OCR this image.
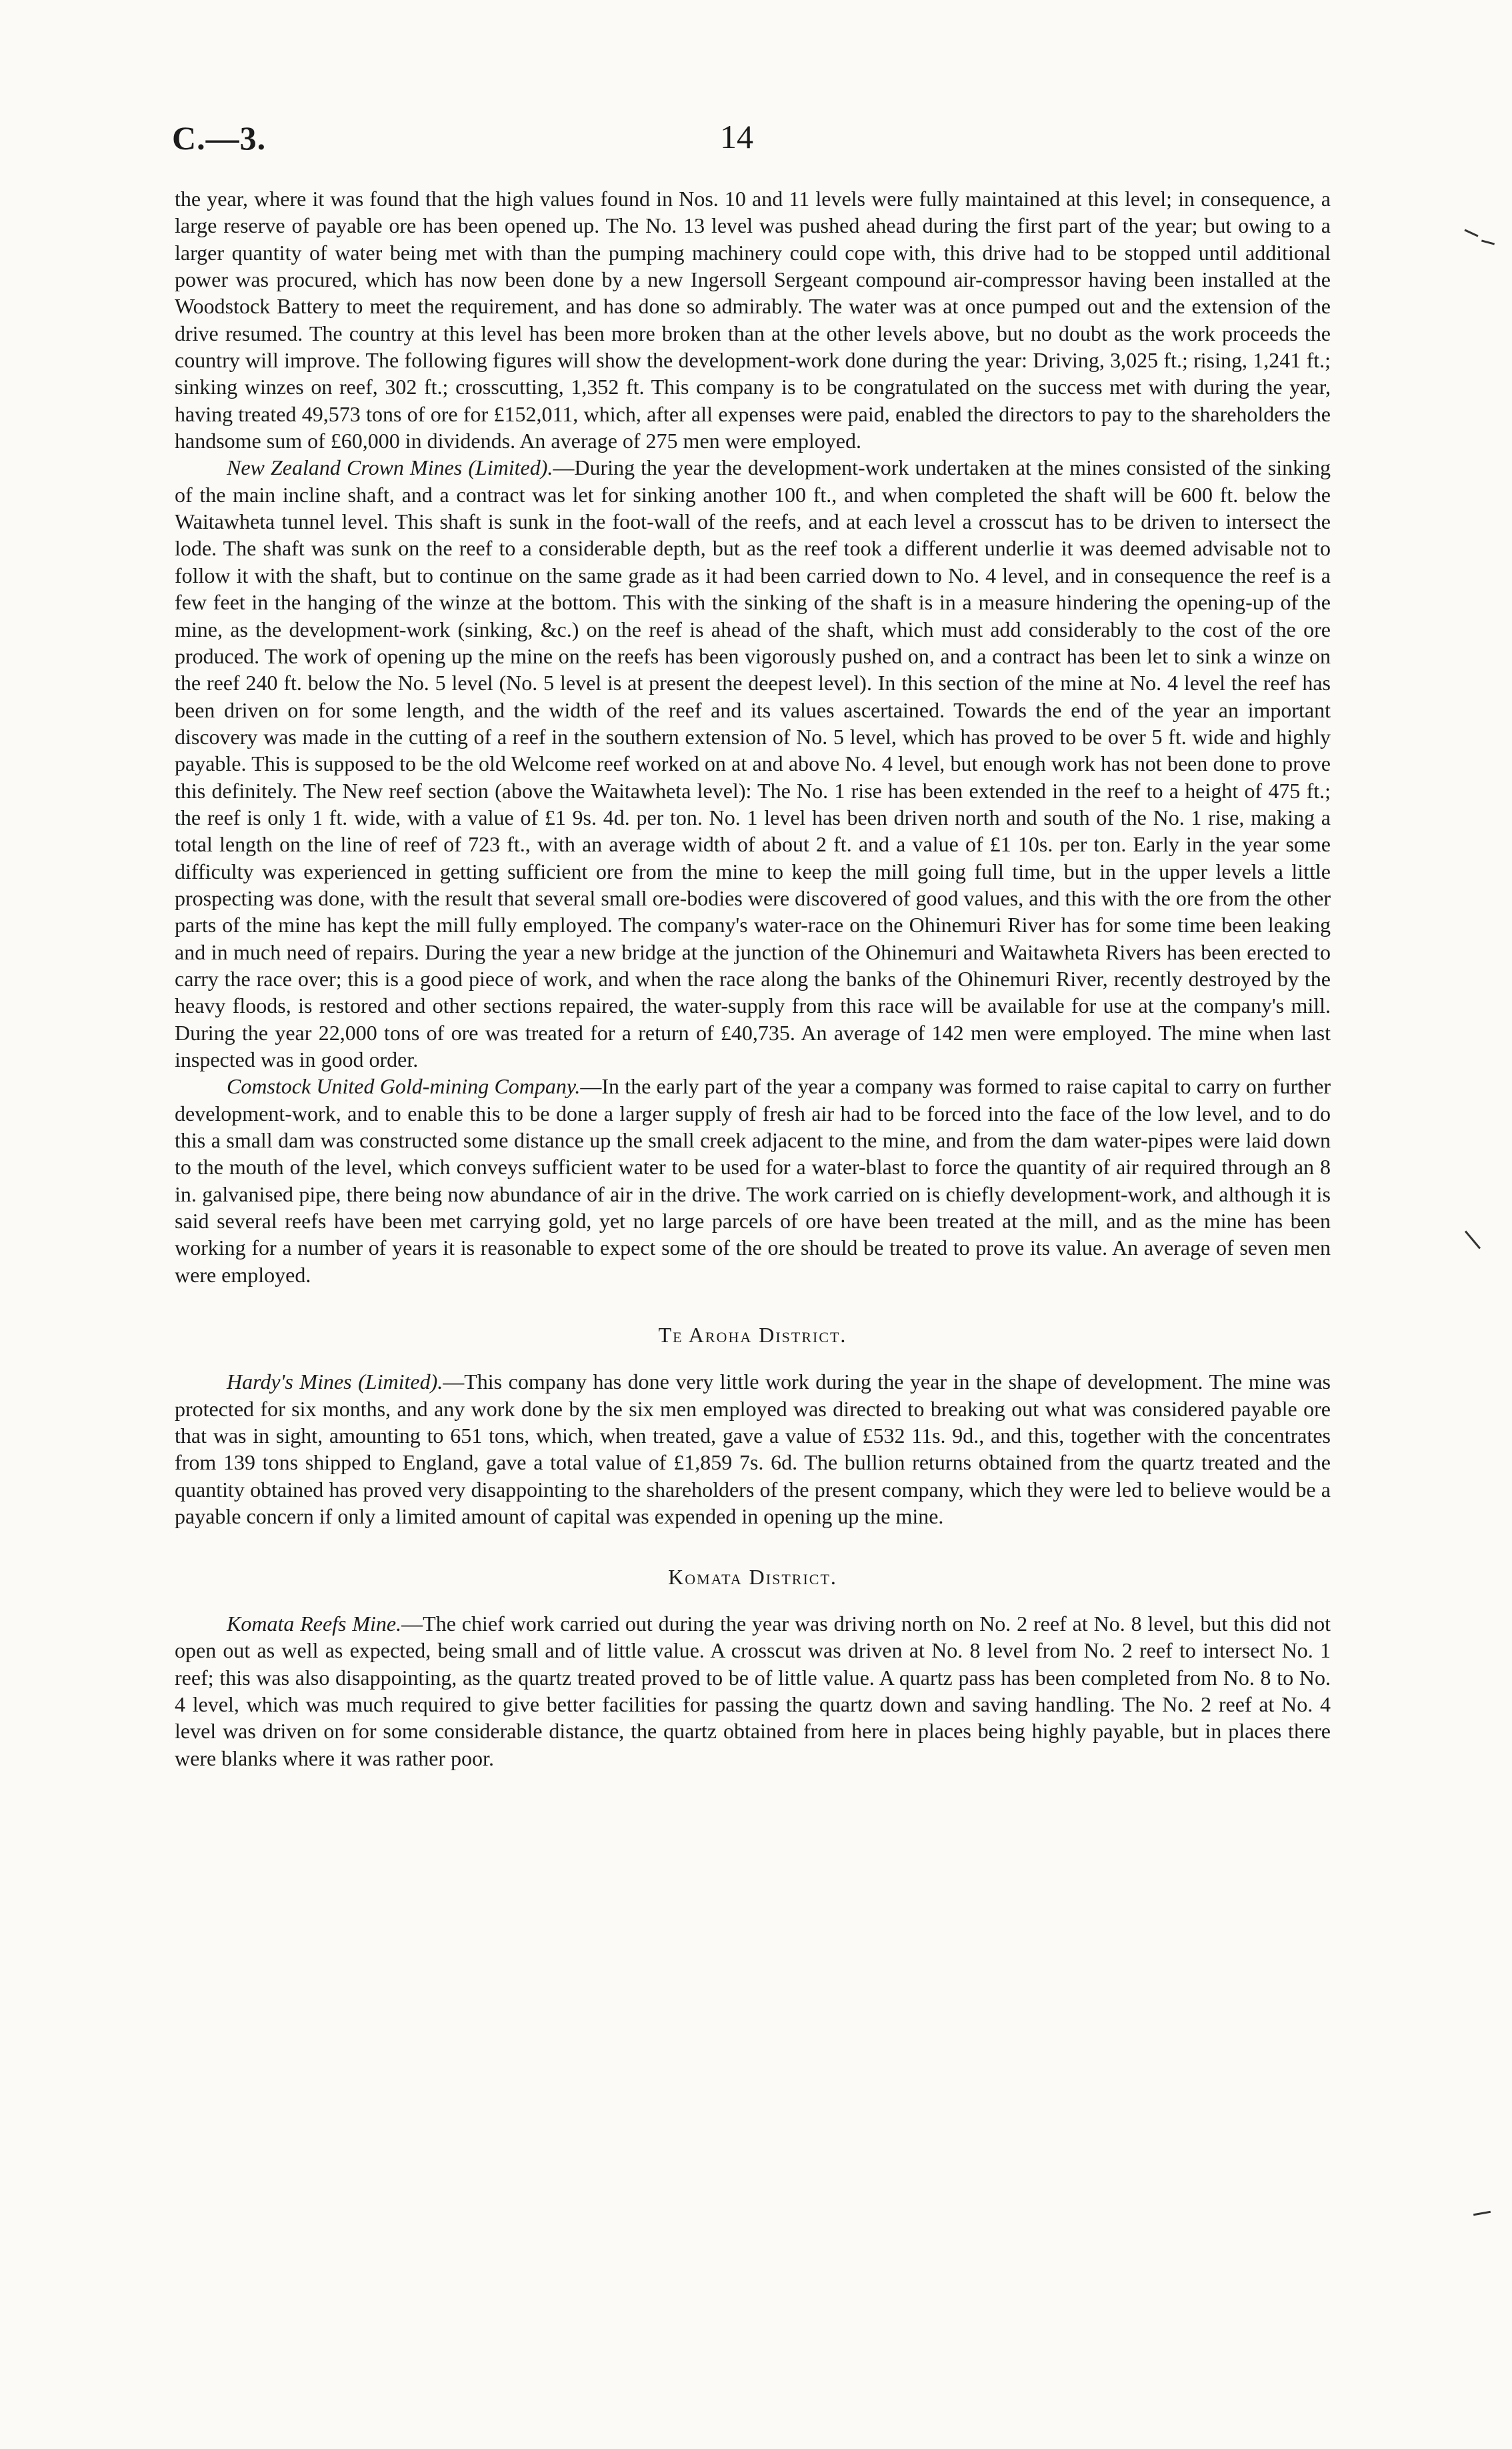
C.—3.	14

the year, where it was found that the high values found in Nos. 10 and 11 levels were fully maintained at this level; in consequence, a large reserve of payable ore has been opened up. The No. 13 level was pushed ahead during the first part of the year; but owing to a larger quantity of water being met with than the pumping machinery could cope with, this drive had to be stopped until additional power was procured, which has now been done by a new Ingersoll Sergeant compound air-compressor having been installed at the Woodstock Battery to meet the requirement, and has done so admirably. The water was at once pumped out and the extension of the drive resumed. The country at this level has been more broken than at the other levels above, but no doubt as the work proceeds the country will improve. The following figures will show the development-work done during the year: Driving, 3,025 ft.; rising, 1,241 ft.; sinking winzes on reef, 302 ft.; crosscutting, 1,352 ft. This company is to be congratulated on the success met with during the year, having treated 49,573 tons of ore for £152,011, which, after all expenses were paid, enabled the directors to pay to the shareholders the handsome sum of £60,000 in dividends. An average of 275 men were employed.

New Zealand Crown Mines (Limited).—During the year the development-work undertaken at the mines consisted of the sinking of the main incline shaft, and a contract was let for sinking another 100 ft., and when completed the shaft will be 600 ft. below the Waitawheta tunnel level. This shaft is sunk in the foot-wall of the reefs, and at each level a crosscut has to be driven to intersect the lode. The shaft was sunk on the reef to a considerable depth, but as the reef took a different underlie it was deemed advisable not to follow it with the shaft, but to continue on the same grade as it had been carried down to No. 4 level, and in consequence the reef is a few feet in the hanging of the winze at the bottom. This with the sinking of the shaft is in a measure hindering the opening-up of the mine, as the development-work (sinking, &c.) on the reef is ahead of the shaft, which must add considerably to the cost of the ore produced. The work of opening up the mine on the reefs has been vigorously pushed on, and a contract has been let to sink a winze on the reef 240 ft. below the No. 5 level (No. 5 level is at present the deepest level). In this section of the mine at No. 4 level the reef has been driven on for some length, and the width of the reef and its values ascertained. Towards the end of the year an important discovery was made in the cutting of a reef in the southern extension of No. 5 level, which has proved to be over 5 ft. wide and highly payable. This is supposed to be the old Welcome reef worked on at and above No. 4 level, but enough work has not been done to prove this definitely. The New reef section (above the Waitawheta level): The No. 1 rise has been extended in the reef to a height of 475 ft.; the reef is only 1 ft. wide, with a value of £1 9s. 4d. per ton. No. 1 level has been driven north and south of the No. 1 rise, making a total length on the line of reef of 723 ft., with an average width of about 2 ft. and a value of £1 10s. per ton. Early in the year some difficulty was experienced in getting sufficient ore from the mine to keep the mill going full time, but in the upper levels a little prospecting was done, with the result that several small ore-bodies were discovered of good values, and this with the ore from the other parts of the mine has kept the mill fully employed. The company's water-race on the Ohinemuri River has for some time been leaking and in much need of repairs. During the year a new bridge at the junction of the Ohinemuri and Waitawheta Rivers has been erected to carry the race over; this is a good piece of work, and when the race along the banks of the Ohinemuri River, recently destroyed by the heavy floods, is restored and other sections repaired, the water-supply from this race will be available for use at the company's mill. During the year 22,000 tons of ore was treated for a return of £40,735. An average of 142 men were employed. The mine when last inspected was in good order.

Comstock United Gold-mining Company.—In the early part of the year a company was formed to raise capital to carry on further development-work, and to enable this to be done a larger supply of fresh air had to be forced into the face of the low level, and to do this a small dam was constructed some distance up the small creek adjacent to the mine, and from the dam water-pipes were laid down to the mouth of the level, which conveys sufficient water to be used for a water-blast to force the quantity of air required through an 8 in. galvanised pipe, there being now abundance of air in the drive. The work carried on is chiefly development-work, and although it is said several reefs have been met carrying gold, yet no large parcels of ore have been treated at the mill, and as the mine has been working for a number of years it is reasonable to expect some of the ore should be treated to prove its value. An average of seven men were employed.

Te Aroha District.

Hardy's Mines (Limited).—This company has done very little work during the year in the shape of development. The mine was protected for six months, and any work done by the six men employed was directed to breaking out what was considered payable ore that was in sight, amounting to 651 tons, which, when treated, gave a value of £532 11s. 9d., and this, together with the concentrates from 139 tons shipped to England, gave a total value of £1,859 7s. 6d. The bullion returns obtained from the quartz treated and the quantity obtained has proved very disappointing to the shareholders of the present company, which they were led to believe would be a payable concern if only a limited amount of capital was expended in opening up the mine.

Komata District.

Komata Reefs Mine.—The chief work carried out during the year was driving north on No. 2 reef at No. 8 level, but this did not open out as well as expected, being small and of little value. A crosscut was driven at No. 8 level from No. 2 reef to intersect No. 1 reef; this was also disappointing, as the quartz treated proved to be of little value. A quartz pass has been completed from No. 8 to No. 4 level, which was much required to give better facilities for passing the quartz down and saving handling. The No. 2 reef at No. 4 level was driven on for some considerable distance, the quartz obtained from here in places being highly payable, but in places there were blanks where it was rather poor.
